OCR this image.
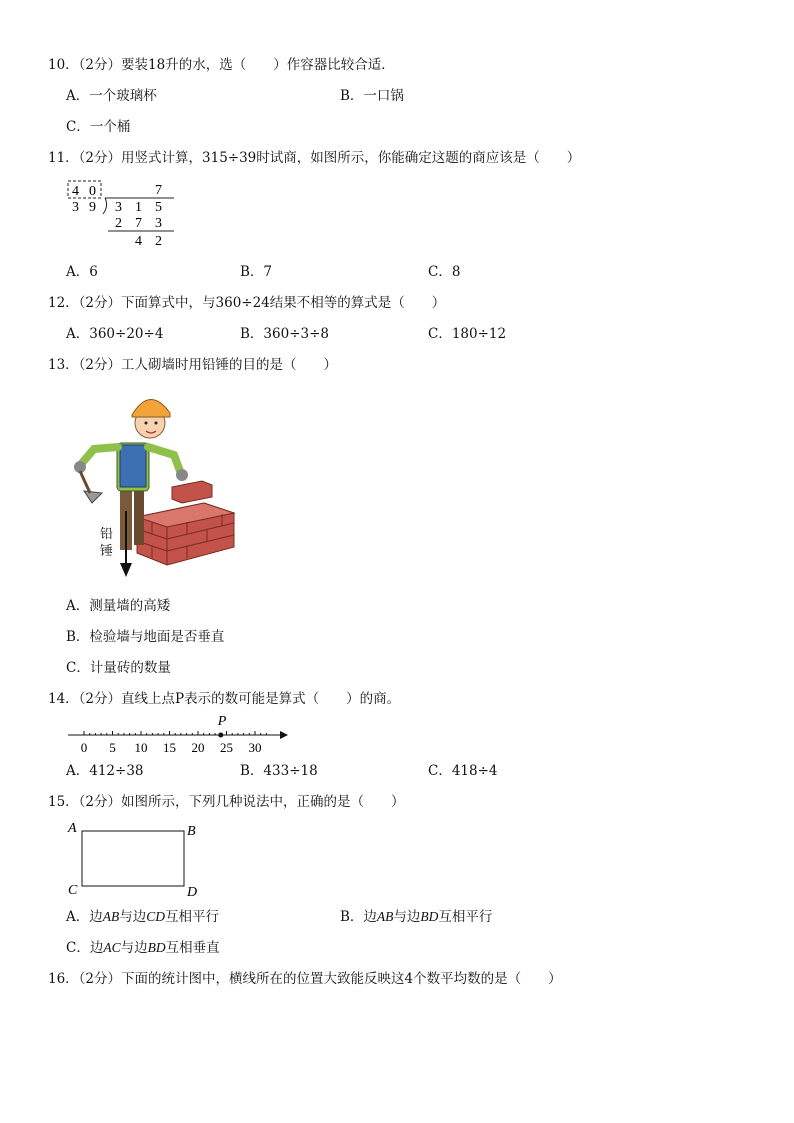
10．（2分）要装18升的水，选（　　）作容器比较合适．
A．一个玻璃杯	B．一口锅
C．一个桶
11．（2分）用竖式计算，315÷39时试商，如图所示，你能确定这题的商应该是（　　）
4 0
3 9
7
3 1 5
2 7 3
4 2
A．6	B．7	C．8
12．（2分）下面算式中，与360÷24结果不相等的算式是（　　）
A．360÷20÷4	B．360÷3÷8	C．180÷12
13．（2分）工人砌墙时用铅锤的目的是（　　）
铅
锤
A．测量墙的高矮
B．检验墙与地面是否垂直
C．计量砖的数量
14．（2分）直线上点P表示的数可能是算式（　　）的商。
0 5 10 15 20 25 30
P
A．412÷38	B．433÷18	C．418÷4
15．（2分）如图所示，下列几种说法中，正确的是（　　）
A	B
C	D
A．边AB与边CD互相平行	B．边AB与边BD互相平行
C．边AC与边BD互相垂直
16．（2分）下面的统计图中，横线所在的位置大致能反映这4个数平均数的是（　　）
